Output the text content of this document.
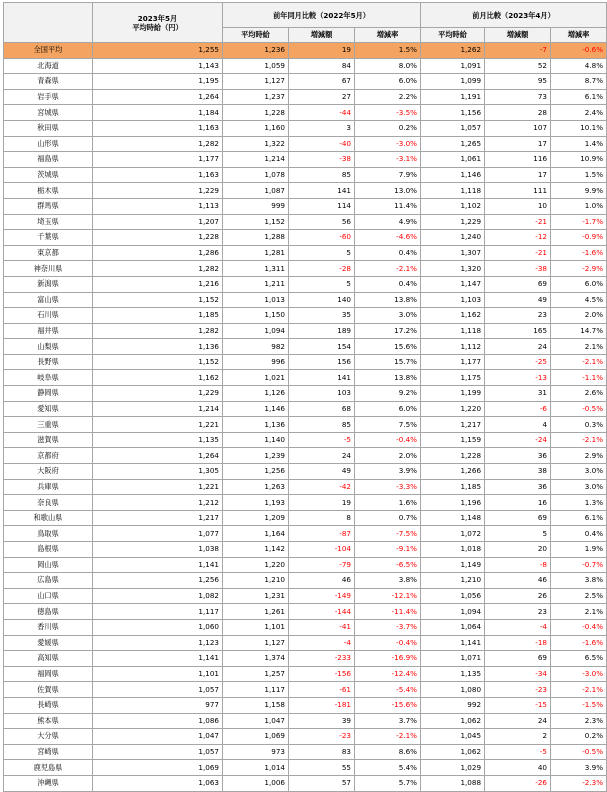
	2023年5月
平均時給（円）	前年同月比較（2022年5月）			前月比較（2023年4月）		
		平均時給	増減額	増減率	平均時給	増減額	増減率
全国平均	1,255	1,236	19	1.5%	1,262	-7	-0.6%
北海道	1,143	1,059	84	8.0%	1,091	52	4.8%
青森県	1,195	1,127	67	6.0%	1,099	95	8.7%
岩手県	1,264	1,237	27	2.2%	1,191	73	6.1%
宮城県	1,184	1,228	-44	-3.5%	1,156	28	2.4%
秋田県	1,163	1,160	3	0.2%	1,057	107	10.1%
山形県	1,282	1,322	-40	-3.0%	1,265	17	1.4%
福島県	1,177	1,214	-38	-3.1%	1,061	116	10.9%
茨城県	1,163	1,078	85	7.9%	1,146	17	1.5%
栃木県	1,229	1,087	141	13.0%	1,118	111	9.9%
群馬県	1,113	999	114	11.4%	1,102	10	1.0%
埼玉県	1,207	1,152	56	4.9%	1,229	-21	-1.7%
千葉県	1,228	1,288	-60	-4.6%	1,240	-12	-0.9%
東京都	1,286	1,281	5	0.4%	1,307	-21	-1.6%
神奈川県	1,282	1,311	-28	-2.1%	1,320	-38	-2.9%
新潟県	1,216	1,211	5	0.4%	1,147	69	6.0%
富山県	1,152	1,013	140	13.8%	1,103	49	4.5%
石川県	1,185	1,150	35	3.0%	1,162	23	2.0%
福井県	1,282	1,094	189	17.2%	1,118	165	14.7%
山梨県	1,136	982	154	15.6%	1,112	24	2.1%
長野県	1,152	996	156	15.7%	1,177	-25	-2.1%
岐阜県	1,162	1,021	141	13.8%	1,175	-13	-1.1%
静岡県	1,229	1,126	103	9.2%	1,199	31	2.6%
愛知県	1,214	1,146	68	6.0%	1,220	-6	-0.5%
三重県	1,221	1,136	85	7.5%	1,217	4	0.3%
滋賀県	1,135	1,140	-5	-0.4%	1,159	-24	-2.1%
京都府	1,264	1,239	24	2.0%	1,228	36	2.9%
大阪府	1,305	1,256	49	3.9%	1,266	38	3.0%
兵庫県	1,221	1,263	-42	-3.3%	1,185	36	3.0%
奈良県	1,212	1,193	19	1.6%	1,196	16	1.3%
和歌山県	1,217	1,209	8	0.7%	1,148	69	6.1%
鳥取県	1,077	1,164	-87	-7.5%	1,072	5	0.4%
島根県	1,038	1,142	-104	-9.1%	1,018	20	1.9%
岡山県	1,141	1,220	-79	-6.5%	1,149	-8	-0.7%
広島県	1,256	1,210	46	3.8%	1,210	46	3.8%
山口県	1,082	1,231	-149	-12.1%	1,056	26	2.5%
徳島県	1,117	1,261	-144	-11.4%	1,094	23	2.1%
香川県	1,060	1,101	-41	-3.7%	1,064	-4	-0.4%
愛媛県	1,123	1,127	-4	-0.4%	1,141	-18	-1.6%
高知県	1,141	1,374	-233	-16.9%	1,071	69	6.5%
福岡県	1,101	1,257	-156	-12.4%	1,135	-34	-3.0%
佐賀県	1,057	1,117	-61	-5.4%	1,080	-23	-2.1%
長崎県	977	1,158	-181	-15.6%	992	-15	-1.5%
熊本県	1,086	1,047	39	3.7%	1,062	24	2.3%
大分県	1,047	1,069	-23	-2.1%	1,045	2	0.2%
宮崎県	1,057	973	83	8.6%	1,062	-5	-0.5%
鹿児島県	1,069	1,014	55	5.4%	1,029	40	3.9%
沖縄県	1,063	1,006	57	5.7%	1,088	-26	-2.3%
